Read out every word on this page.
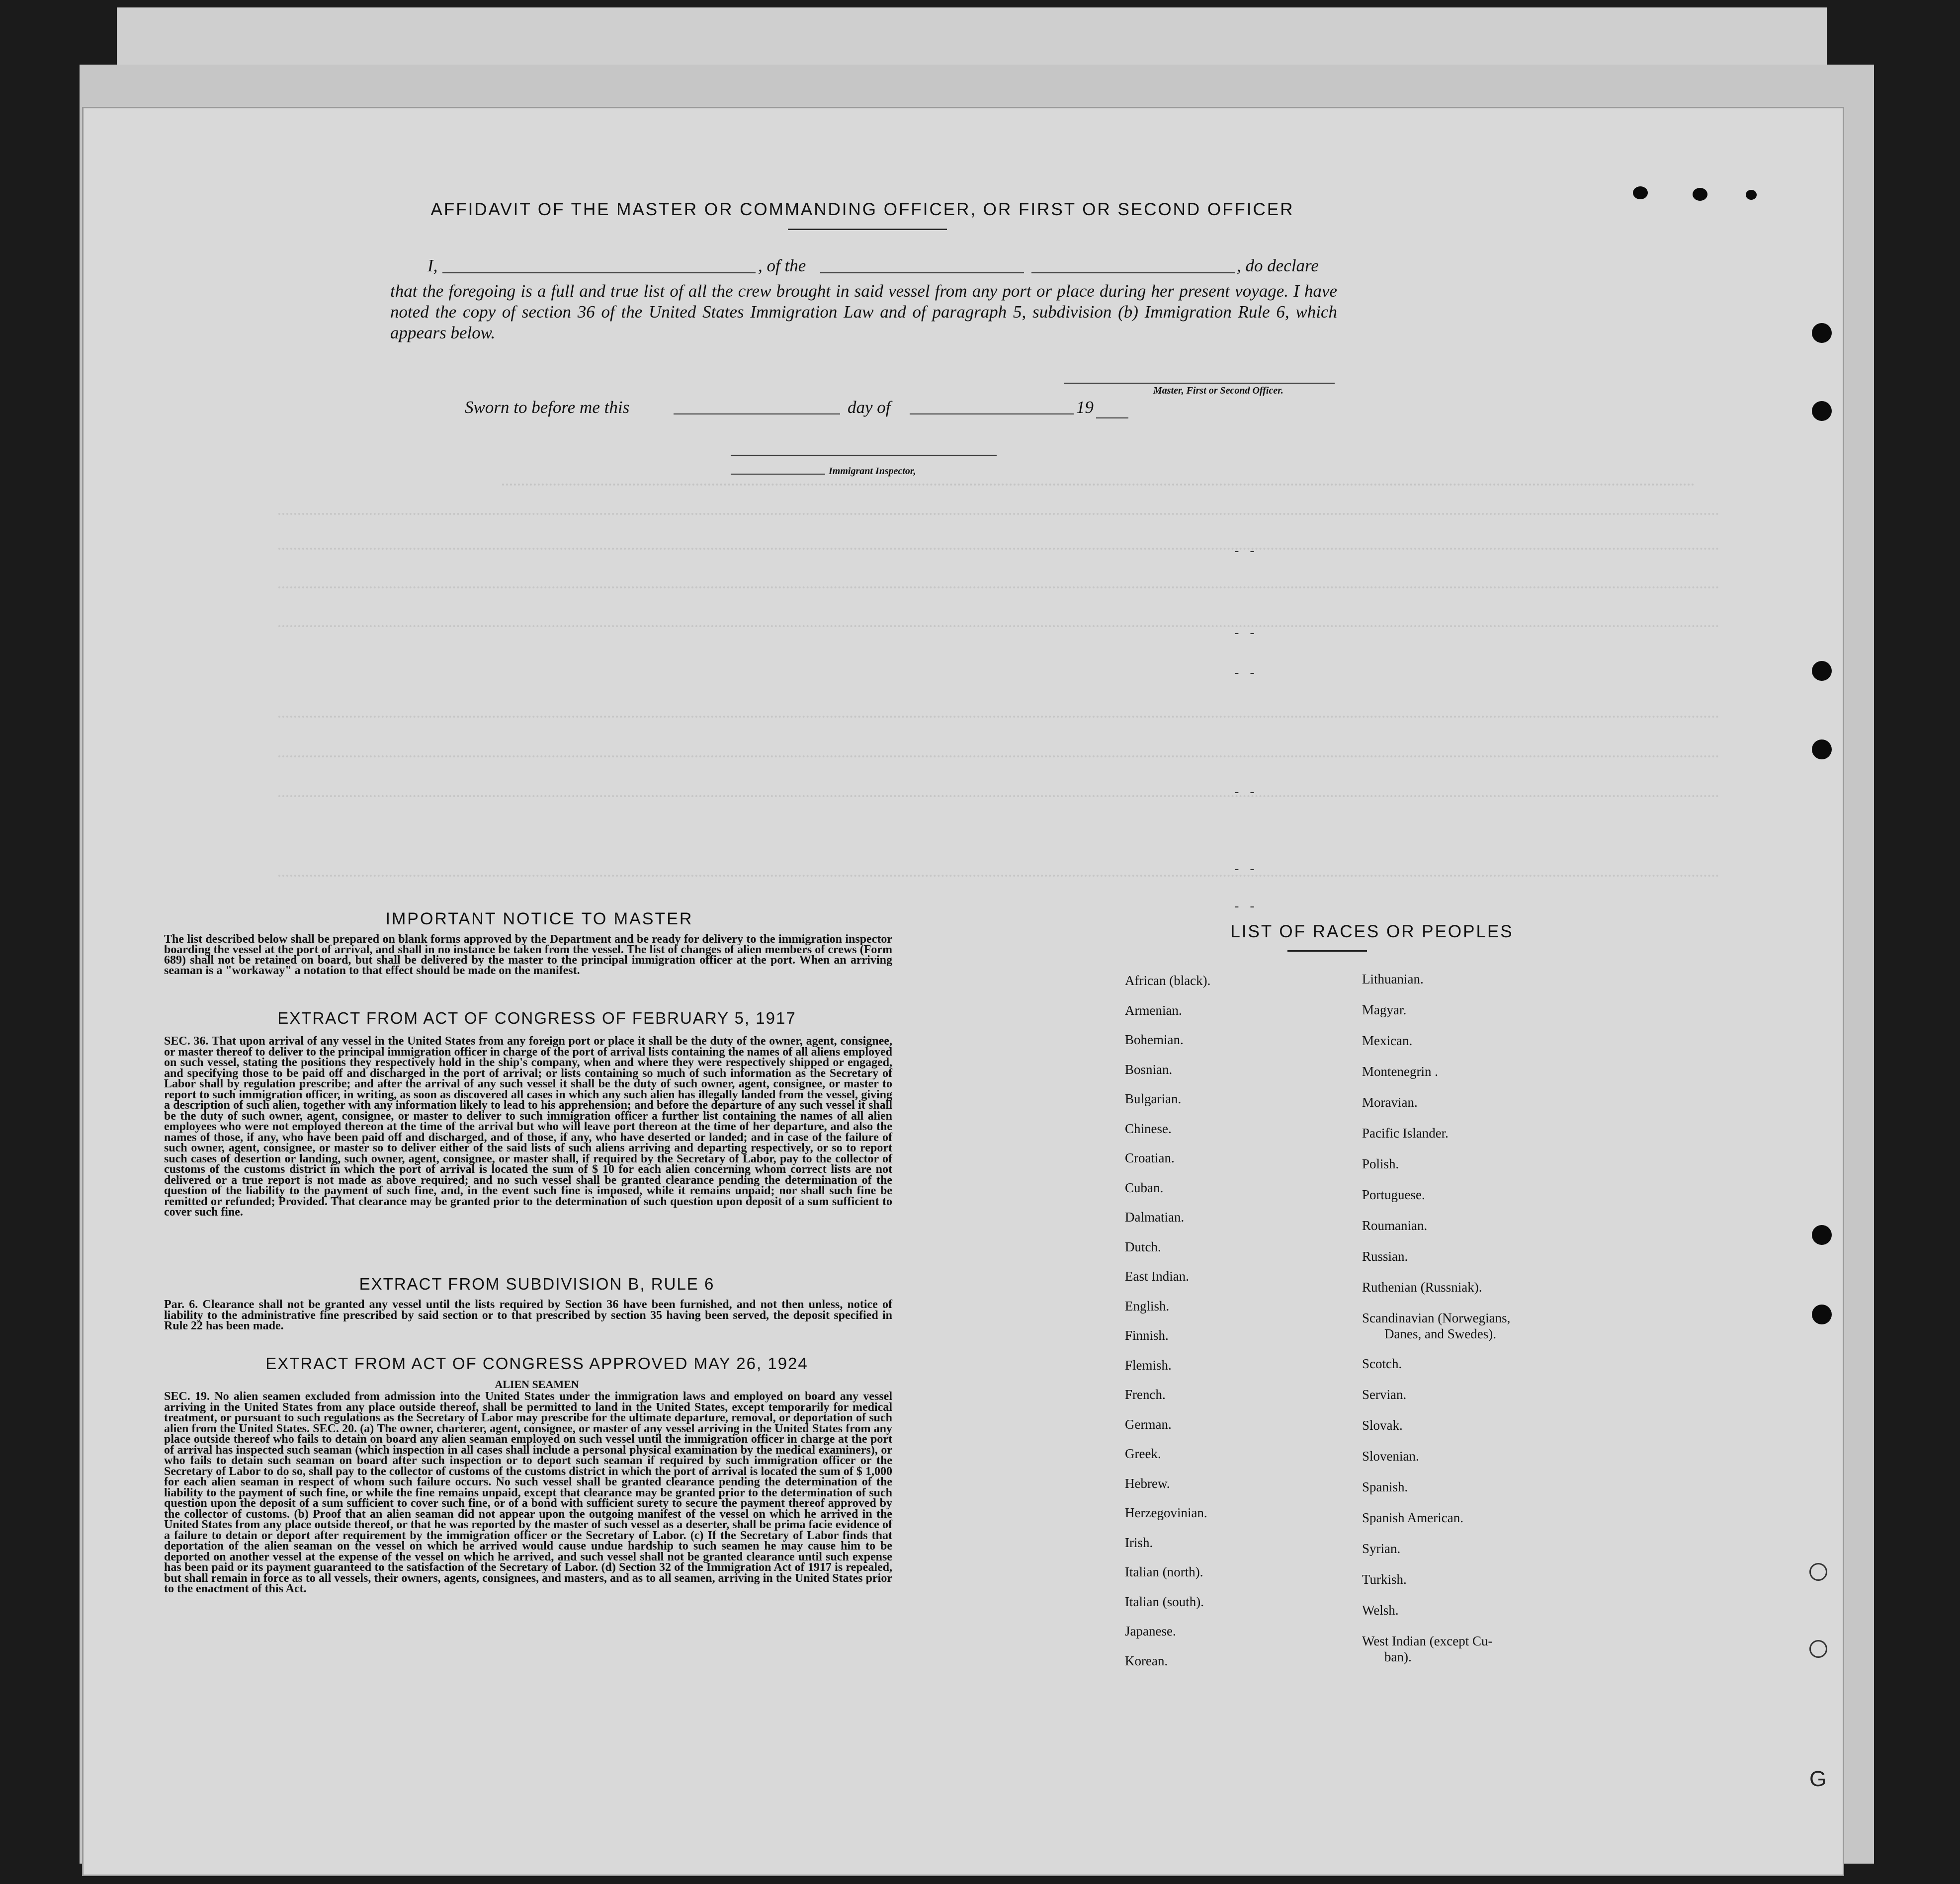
AFFIDAVIT OF THE MASTER OR COMMANDING OFFICER, OR FIRST OR SECOND OFFICER
I,	, of the	, do declare
that the foregoing is a full and true list of all the crew brought in said vessel from any port or place during her present voyage. I have noted the copy of section 36 of the United States Immigration Law and of paragraph 5, subdivision (b) Immigration Rule 6, which appears below.
Master, First or Second Officer.
Sworn to before me this	day of	19
Immigrant Inspector,
- -
- -
- -
- -
- -
- -
IMPORTANT NOTICE TO MASTER
The list described below shall be prepared on blank forms approved by the Department and be ready for delivery to the immigration inspector boarding the vessel at the port of arrival, and shall in no instance be taken from the vessel. The list of changes of alien members of crews (Form 689) shall not be retained on board, but shall be delivered by the master to the principal immigration officer at the port. When an arriving seaman is a "workaway" a notation to that effect should be made on the manifest.
EXTRACT FROM ACT OF CONGRESS OF FEBRUARY 5, 1917
SEC. 36. That upon arrival of any vessel in the United States from any foreign port or place it shall be the duty of the owner, agent, consignee, or master thereof to deliver to the principal immigration officer in charge of the port of arrival lists containing the names of all aliens employed on such vessel, stating the positions they respectively hold in the ship's company, when and where they were respectively shipped or engaged, and specifying those to be paid off and discharged in the port of arrival; or lists containing so much of such information as the Secretary of Labor shall by regulation prescribe; and after the arrival of any such vessel it shall be the duty of such owner, agent, consignee, or master to report to such immigration officer, in writing, as soon as discovered all cases in which any such alien has illegally landed from the vessel, giving a description of such alien, together with any information likely to lead to his apprehension; and before the departure of any such vessel it shall be the duty of such owner, agent, consignee, or master to deliver to such immigration officer a further list containing the names of all alien employees who were not employed thereon at the time of the arrival but who will leave port thereon at the time of her departure, and also the names of those, if any, who have been paid off and discharged, and of those, if any, who have deserted or landed; and in case of the failure of such owner, agent, consignee, or master so to deliver either of the said lists of such aliens arriving and departing respectively, or so to report such cases of desertion or landing, such owner, agent, consignee, or master shall, if required by the Secretary of Labor, pay to the collector of customs of the customs district in which the port of arrival is located the sum of $ 10 for each alien concerning whom correct lists are not delivered or a true report is not made as above required; and no such vessel shall be granted clearance pending the determination of the question of the liability to the payment of such fine, and, in the event such fine is imposed, while it remains unpaid; nor shall such fine be remitted or refunded; Provided. That clearance may be granted prior to the determination of such question upon deposit of a sum sufficient to cover such fine.
EXTRACT FROM SUBDIVISION B, RULE 6
Par. 6. Clearance shall not be granted any vessel until the lists required by Section 36 have been furnished, and not then unless, notice of liability to the administrative fine prescribed by said section or to that prescribed by section 35 having been served, the deposit specified in Rule 22 has been made.
EXTRACT FROM ACT OF CONGRESS APPROVED MAY 26, 1924
ALIEN SEAMEN
SEC. 19. No alien seamen excluded from admission into the United States under the immigration laws and employed on board any vessel arriving in the United States from any place outside thereof, shall be permitted to land in the United States, except temporarily for medical treatment, or pursuant to such regulations as the Secretary of Labor may prescribe for the ultimate departure, removal, or deportation of such alien from the United States. SEC. 20. (a) The owner, charterer, agent, consignee, or master of any vessel arriving in the United States from any place outside thereof who fails to detain on board any alien seaman employed on such vessel until the immigration officer in charge at the port of arrival has inspected such seaman (which inspection in all cases shall include a personal physical examination by the medical examiners), or who fails to detain such seaman on board after such inspection or to deport such seaman if required by such immigration officer or the Secretary of Labor to do so, shall pay to the collector of customs of the customs district in which the port of arrival is located the sum of $ 1,000 for each alien seaman in respect of whom such failure occurs. No such vessel shall be granted clearance pending the determination of the liability to the payment of such fine, or while the fine remains unpaid, except that clearance may be granted prior to the determination of such question upon the deposit of a sum sufficient to cover such fine, or of a bond with sufficient surety to secure the payment thereof approved by the collector of customs. (b) Proof that an alien seaman did not appear upon the outgoing manifest of the vessel on which he arrived in the United States from any place outside thereof, or that he was reported by the master of such vessel as a deserter, shall be prima facie evidence of a failure to detain or deport after requirement by the immigration officer or the Secretary of Labor. (c) If the Secretary of Labor finds that deportation of the alien seaman on the vessel on which he arrived would cause undue hardship to such seamen he may cause him to be deported on another vessel at the expense of the vessel on which he arrived, and such vessel shall not be granted clearance until such expense has been paid or its payment guaranteed to the satisfaction of the Secretary of Labor. (d) Section 32 of the Immigration Act of 1917 is repealed, but shall remain in force as to all vessels, their owners, agents, consignees, and masters, and as to all seamen, arriving in the United States prior to the enactment of this Act.
LIST OF RACES OR PEOPLES
African (black).
Armenian.
Bohemian.
Bosnian.
Bulgarian.
Chinese.
Croatian.
Cuban.
Dalmatian.
Dutch.
East Indian.
English.
Finnish.
Flemish.
French.
German.
Greek.
Hebrew.
Herzegovinian.
Irish.
Italian (north).
Italian (south).
Japanese.
Korean.
Lithuanian.
Magyar.
Mexican.
Montenegrin .
Moravian.
Pacific Islander.
Polish.
Portuguese.
Roumanian.
Russian.
Ruthenian (Russniak).
Scandinavian (Norwegians,
Danes, and Swedes).
Scotch.
Servian.
Slovak.
Slovenian.
Spanish.
Spanish American.
Syrian.
Turkish.
Welsh.
West Indian (except Cu-
ban).
G
